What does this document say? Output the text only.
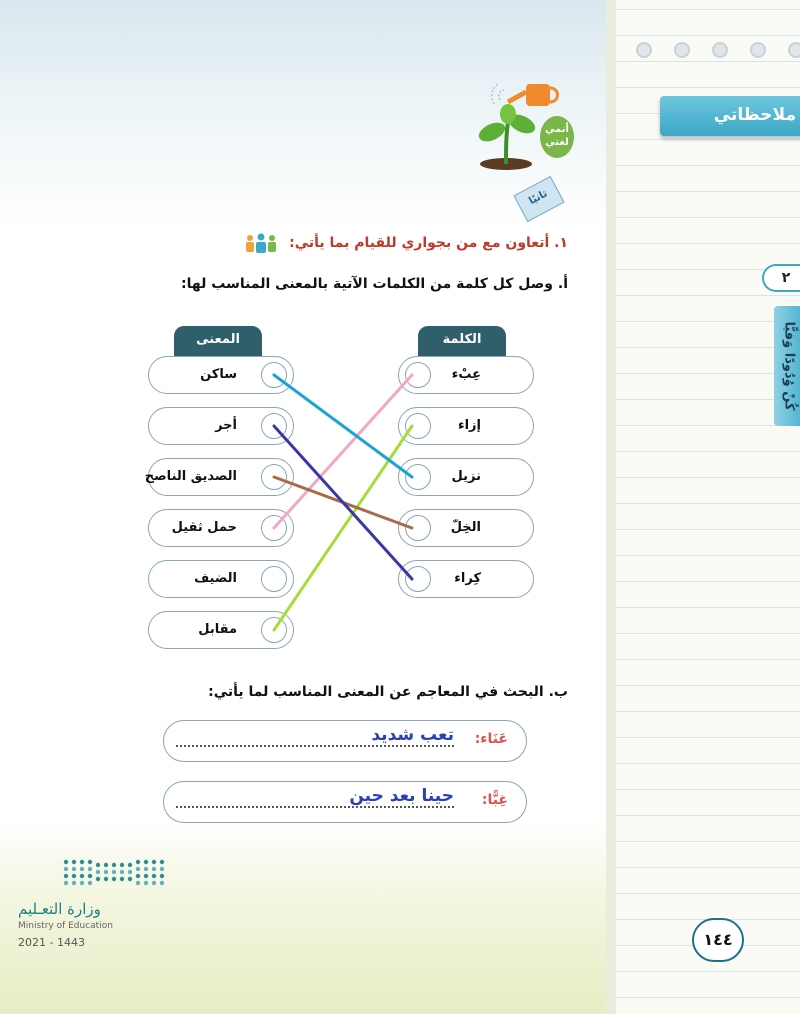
أنمي لغتي
ثانيًا
١. أتعاون مع من بجواري للقيام بما يأتي:
أ. وصل كل كلمة من الكلمات الآتية بالمعنى المناسب لها:
المعنى	الكلمة
ساكن
أجر
الصديق الناصح
حمل ثقيل
الضيف
مقابل
عِبْء
إزاء
نزيل
الخِلّ
كِراء
ب. البحث في المعاجم عن المعنى المناسب لما يأتي:
عَنَاء:
تعب شديد
غِبًّا:
حينا بعد حين
وزارة التعـليم
Ministry of Education
2021 - 1443
ملاحظاتي
٢
كُنْ وُدُودًا وَفيًّا
١٤٤
